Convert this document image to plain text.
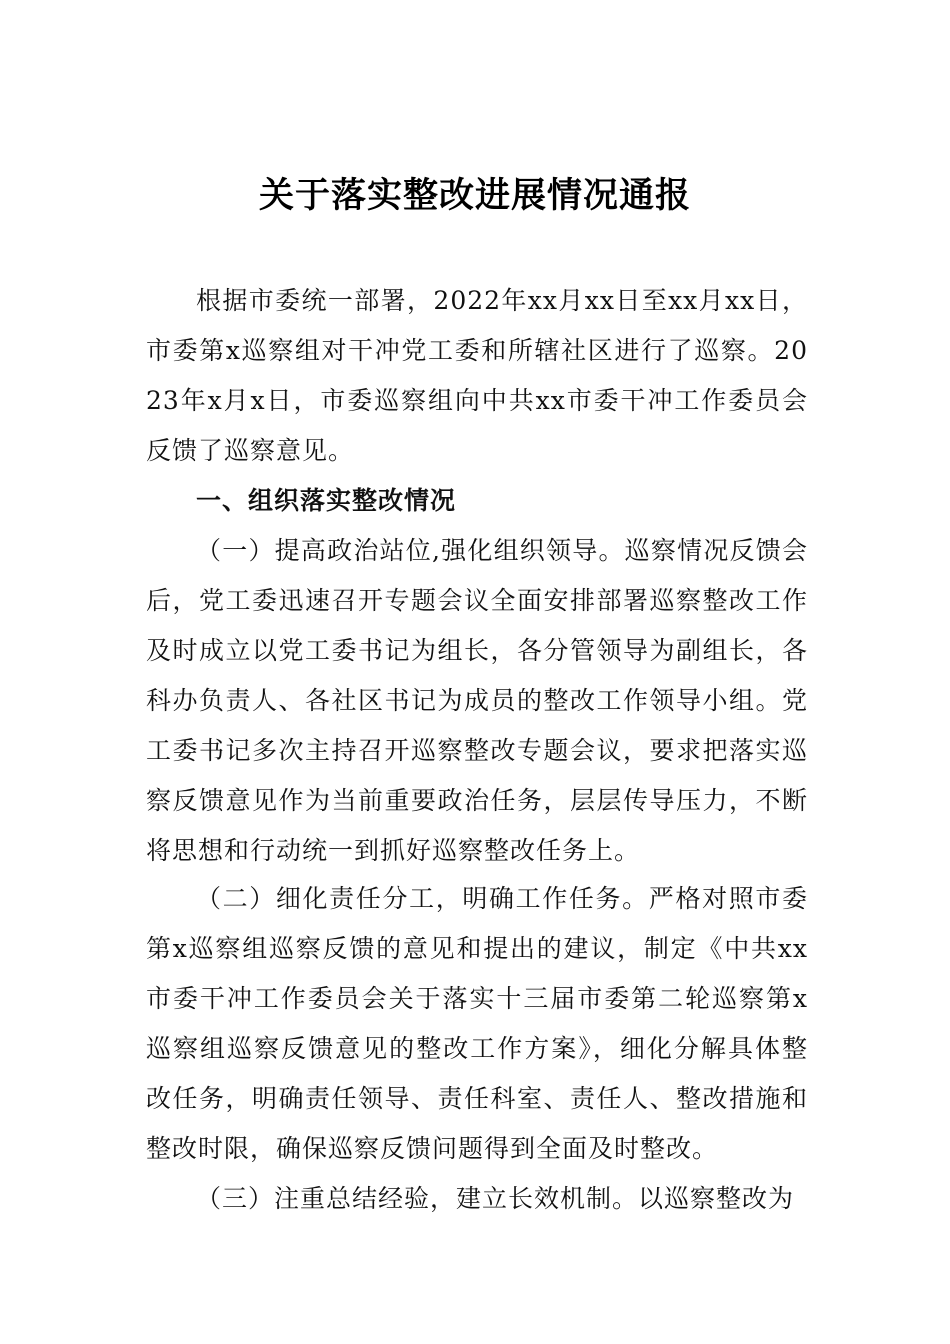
关于落实整改进展情况通报

根据市委统一部署，2022年xx月xx日至xx月xx日，市委第x巡察组对干冲党工委和所辖社区进行了巡察。2023年x月x日，市委巡察组向中共xx市委干冲工作委员会反馈了巡察意见。

一、组织落实整改情况

（一）提高政治站位,强化组织领导。巡察情况反馈会后，党工委迅速召开专题会议全面安排部署巡察整改工作及时成立以党工委书记为组长，各分管领导为副组长，各科办负责人、各社区书记为成员的整改工作领导小组。党工委书记多次主持召开巡察整改专题会议，要求把落实巡察反馈意见作为当前重要政治任务，层层传导压力，不断将思想和行动统一到抓好巡察整改任务上。

（二）细化责任分工，明确工作任务。严格对照市委第x巡察组巡察反馈的意见和提出的建议，制定《中共xx市委干冲工作委员会关于落实十三届市委第二轮巡察第x巡察组巡察反馈意见的整改工作方案》，细化分解具体整改任务，明确责任领导、责任科室、责任人、整改措施和整改时限，确保巡察反馈问题得到全面及时整改。

（三）注重总结经验，建立长效机制。以巡察整改为
